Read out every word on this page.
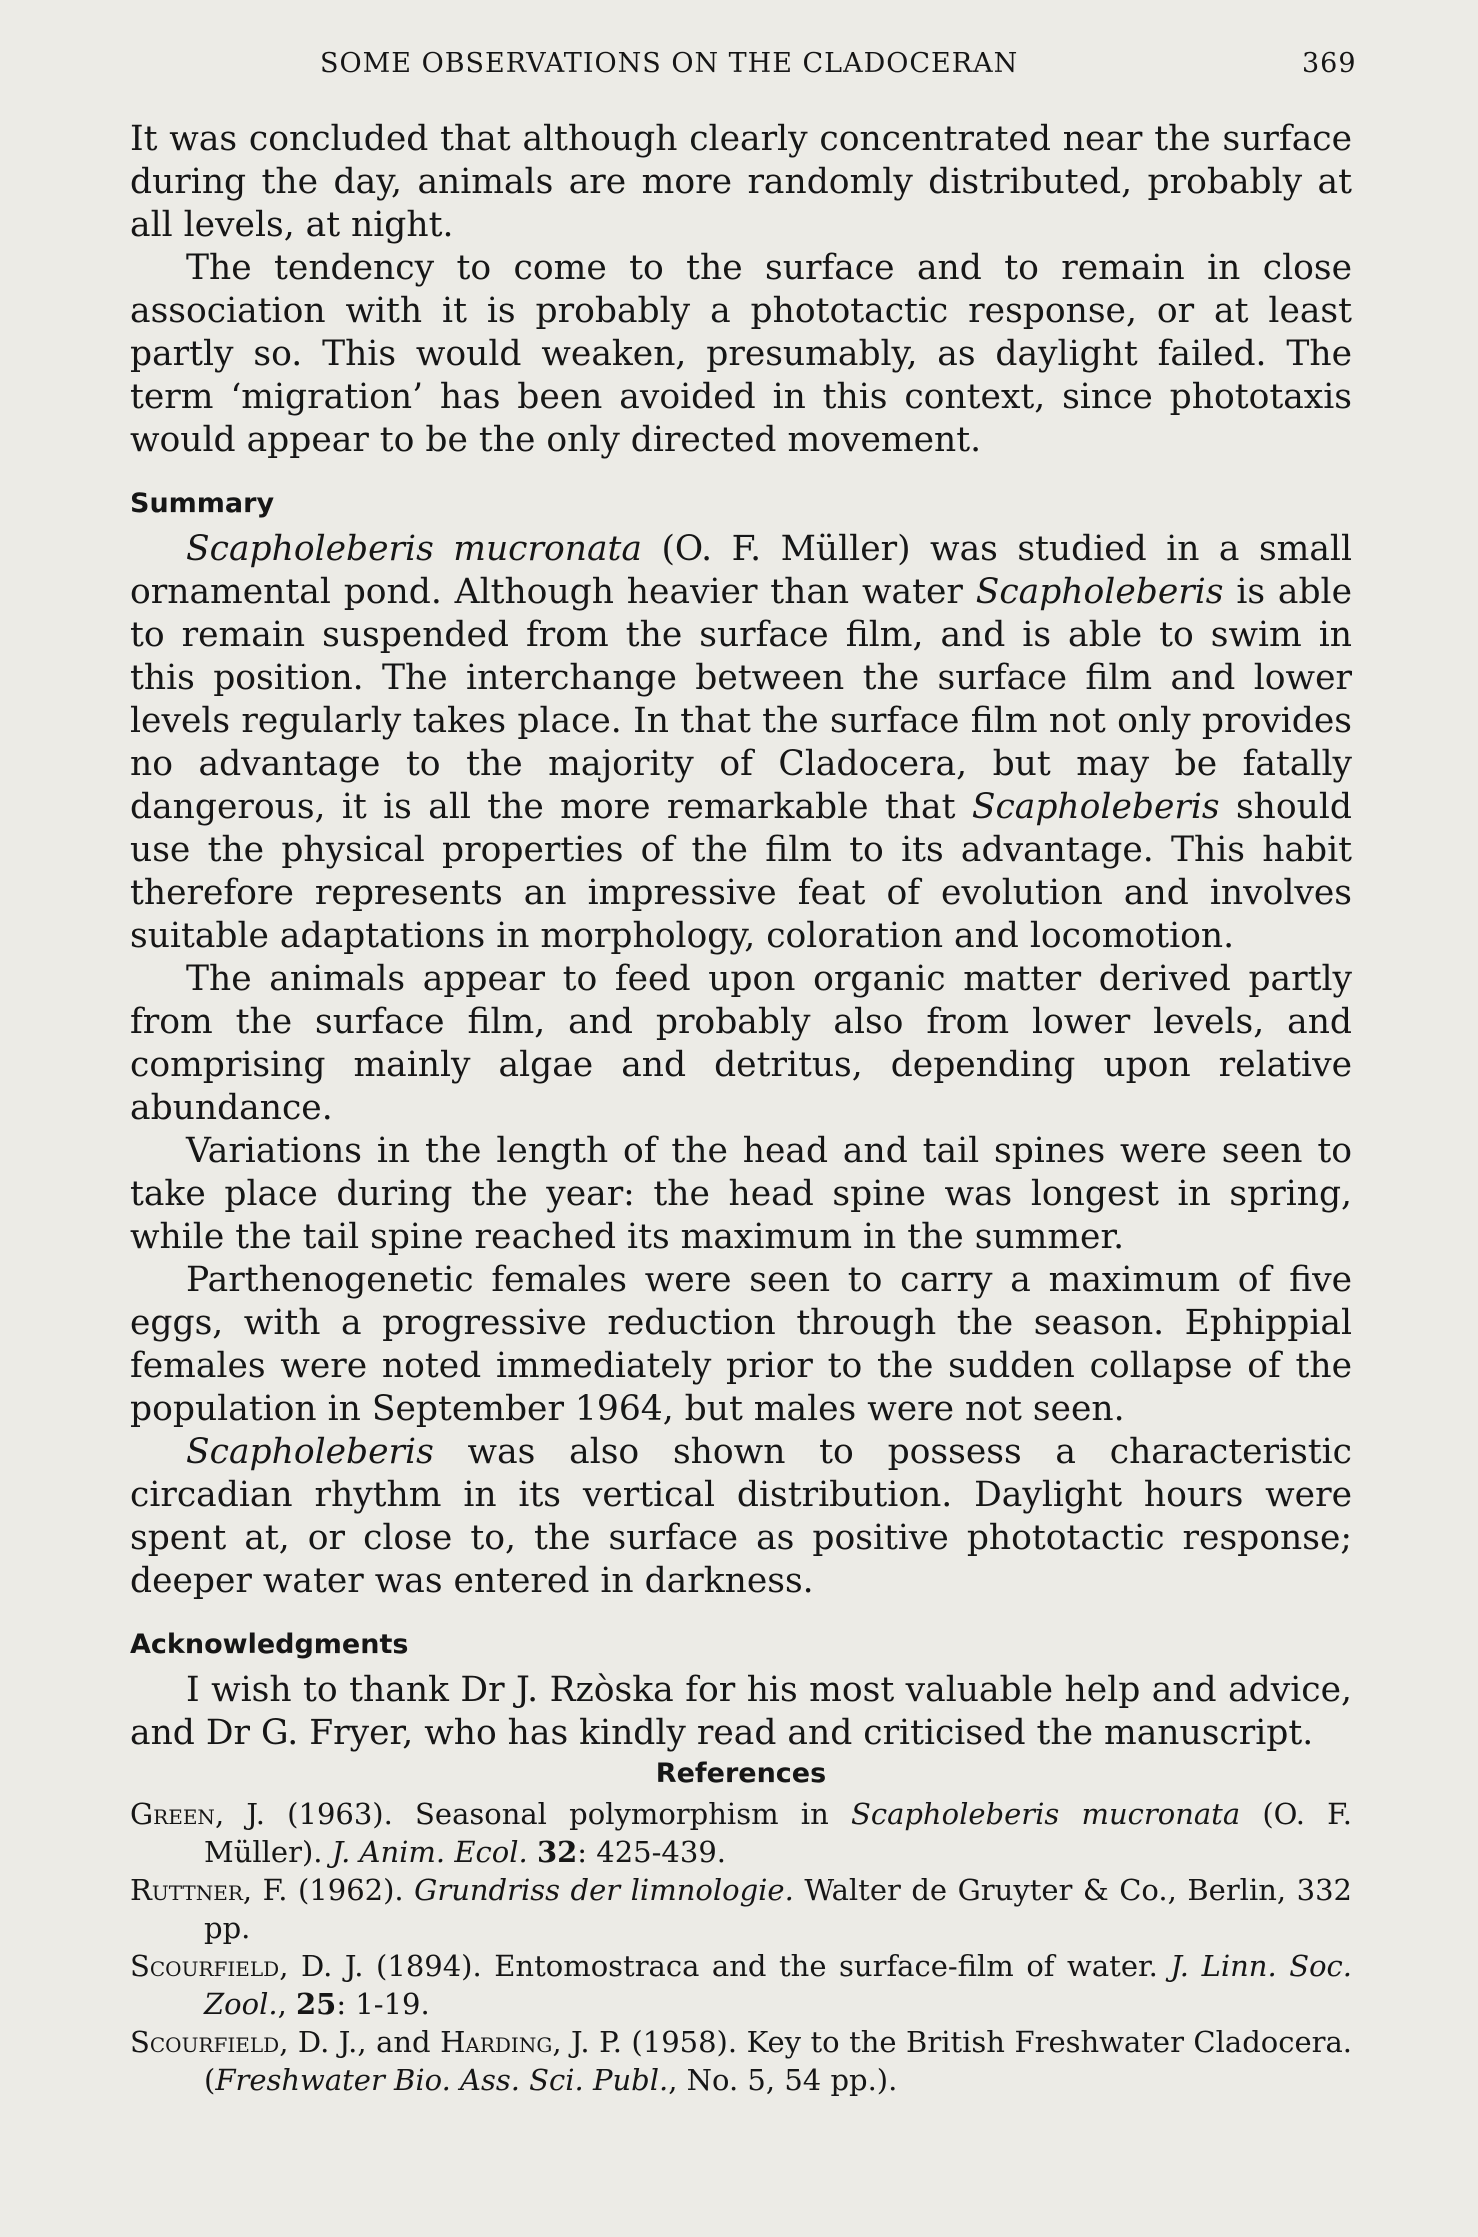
SOME OBSERVATIONS ON THE CLADOCERAN	369

It was concluded that although clearly concentrated near the surface during the day, animals are more randomly distributed, probably at all levels, at night.

The tendency to come to the surface and to remain in close association with it is probably a phototactic response, or at least partly so. This would weaken, presumably, as daylight failed. The term ‘migration’ has been avoided in this context, since phototaxis would appear to be the only directed movement.

Summary

Scapholeberis mucronata (O. F. Müller) was studied in a small ornamental pond. Although heavier than water Scapholeberis is able to remain suspended from the surface film, and is able to swim in this position. The interchange between the surface film and lower levels regularly takes place. In that the surface film not only provides no advantage to the majority of Cladocera, but may be fatally dangerous, it is all the more remarkable that Scapholeberis should use the physical properties of the film to its advantage. This habit therefore represents an impressive feat of evolution and involves suitable adaptations in morphology, coloration and locomotion.

The animals appear to feed upon organic matter derived partly from the surface film, and probably also from lower levels, and comprising mainly algae and detritus, depending upon relative abundance.

Variations in the length of the head and tail spines were seen to take place during the year: the head spine was longest in spring, while the tail spine reached its maximum in the summer.

Parthenogenetic females were seen to carry a maximum of five eggs, with a progressive reduction through the season. Ephippial females were noted immediately prior to the sudden collapse of the population in September 1964, but males were not seen.

Scapholeberis was also shown to possess a characteristic circadian rhythm in its vertical distribution. Daylight hours were spent at, or close to, the surface as positive phototactic response; deeper water was entered in darkness.

Acknowledgments

I wish to thank Dr J. Rzòska for his most valuable help and advice, and Dr G. Fryer, who has kindly read and criticised the manuscript.

References

Green, J. (1963). Seasonal polymorphism in Scapholeberis mucronata (O. F. Müller). J. Anim. Ecol. 32: 425-439.

Ruttner, F. (1962). Grundriss der limnologie. Walter de Gruyter & Co., Berlin, 332 pp.

Scourfield, D. J. (1894). Entomostraca and the surface-film of water. J. Linn. Soc. Zool., 25: 1-19.

Scourfield, D. J., and Harding, J. P. (1958). Key to the British Freshwater Cladocera. (Freshwater Bio. Ass. Sci. Publ., No. 5, 54 pp.).
